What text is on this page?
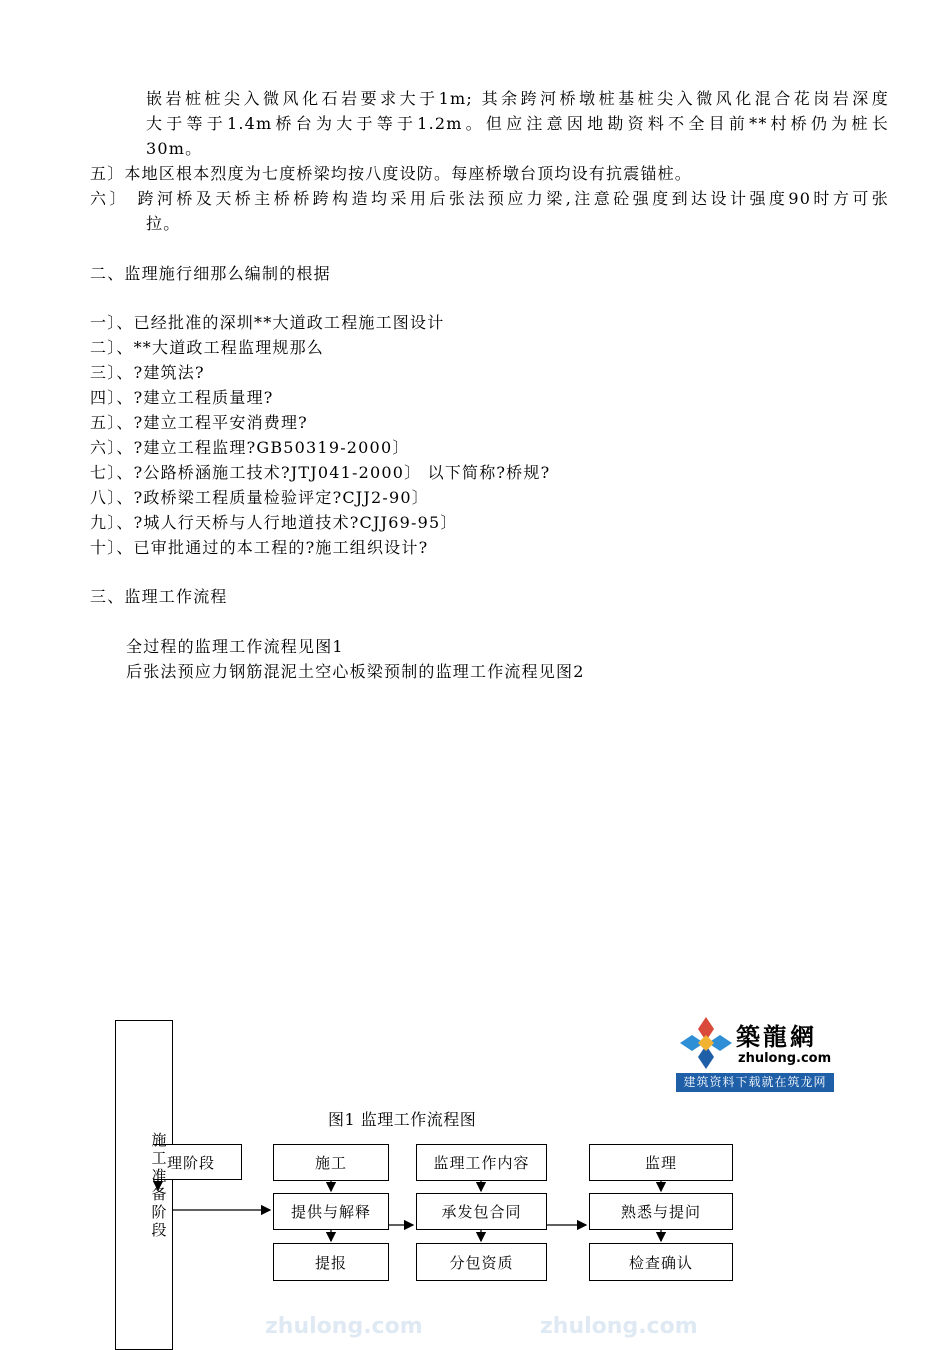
嵌岩桩桩尖入微风化石岩要求大于1m; 其余跨河桥墩桩基桩尖入微风化混合花岗岩深度
大于等于1.4m桥台为大于等于1.2m。但应注意因地勘资料不全目前**村桥仍为桩长
30m。
五〕本地区根本烈度为七度桥梁均按八度设防。每座桥墩台顶均设有抗震锚桩。
六〕 跨河桥及天桥主桥桥跨构造均采用后张法预应力梁,注意砼强度到达设计强度90时方可张
拉。
二、监理施行细那么编制的根据
一〕、已经批准的深圳**大道政工程施工图设计
二〕、**大道政工程监理规那么
三〕、?建筑法?
四〕、?建立工程质量理?
五〕、?建立工程平安消费理?
六〕、?建立工程监理?GB50319-2000〕
七〕、?公路桥涵施工技术?JTJ041-2000〕 以下简称?桥规?
八〕、?政桥梁工程质量检验评定?CJJ2-90〕
九〕、?城人行天桥与人行地道技术?CJJ69-95〕
十〕、已审批通过的本工程的?施工组织设计?
三、监理工作流程
全过程的监理工作流程见图1
后张法预应力钢筋混泥土空心板梁预制的监理工作流程见图2
zhulong.com	zhulong.com
築龍網
zhulong.com
建筑资料下载就在筑龙网
图1 监理工作流程图
理阶段	施工	监理工作内容	监理
提供与解释	承发包合同	熟悉与提问
提报	分包资质	检查确认
施工准备阶段
